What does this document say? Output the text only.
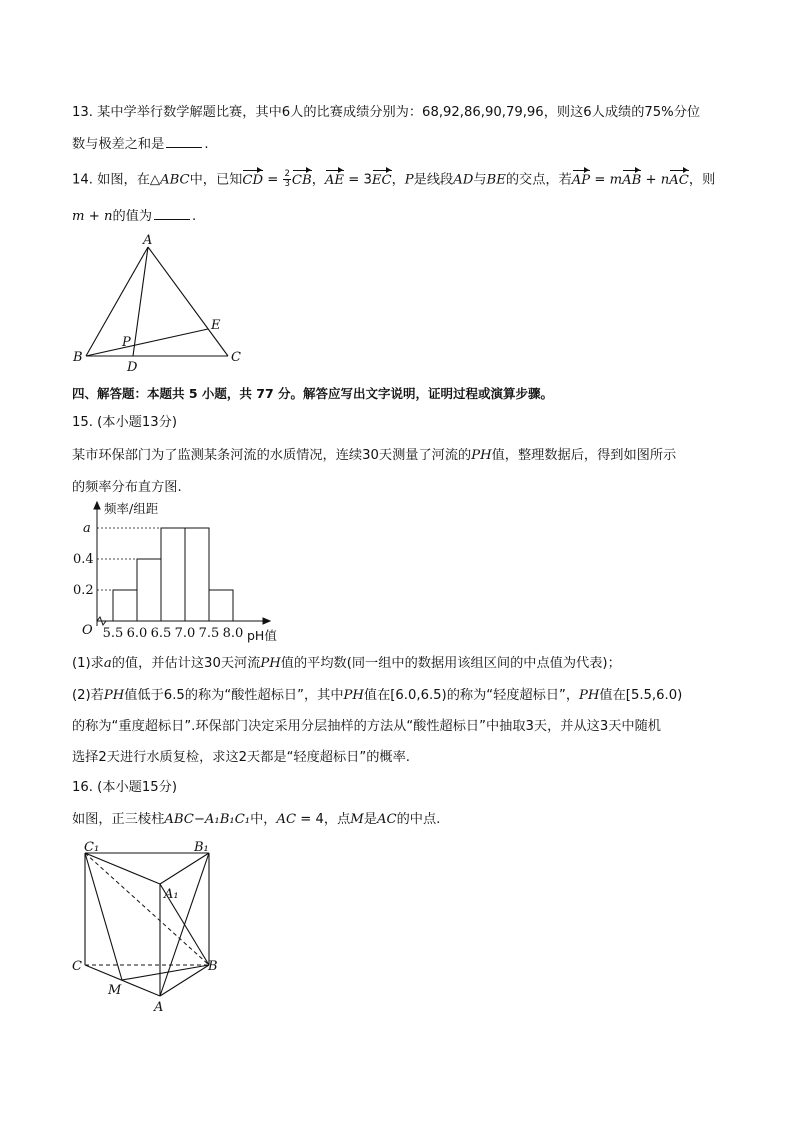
13. 某中学举行数学解题比赛，其中6人的比赛成绩分别为：68,92,86,90,79,96，则这6人成绩的75%分位
数与极差之和是	.
14. 如图，在△ABC中，已知CD = $\frac{2}{3}$ CB，AE = 3EC，P是线段AD与BE的交点，若AP = mAB + nAC，则
m + n的值为	.
A
B	C
D
E
P
四、解答题：本题共 5 小题，共 77 分。解答应写出文字说明，证明过程或演算步骤。
15. (本小题13分)
某市环保部门为了监测某条河流的水质情况，连续30天测量了河流的PH值，整理数据后，得到如图所示
的频率分布直方图.
0.2
0.4
a
5.5 6.0 6.5 7.0 7.5 8.0
频率/组距
pH值
O
(1)求a的值，并估计这30天河流PH值的平均数(同一组中的数据用该组区间的中点值为代表)；
(2)若PH值低于6.5的称为“酸性超标日”，其中PH值在[6.0,6.5)的称为“轻度超标日”，PH值在[5.5,6.0)
的称为“重度超标日”.环保部门决定采用分层抽样的方法从“酸性超标日”中抽取3天，并从这3天中随机
选择2天进行水质复检，求这2天都是“轻度超标日”的概率.
16. (本小题15分)
如图，正三棱柱ABC−A₁B₁C₁中，AC = 4，点M是AC的中点.
C₁	B₁
A₁
C	B
A
M
